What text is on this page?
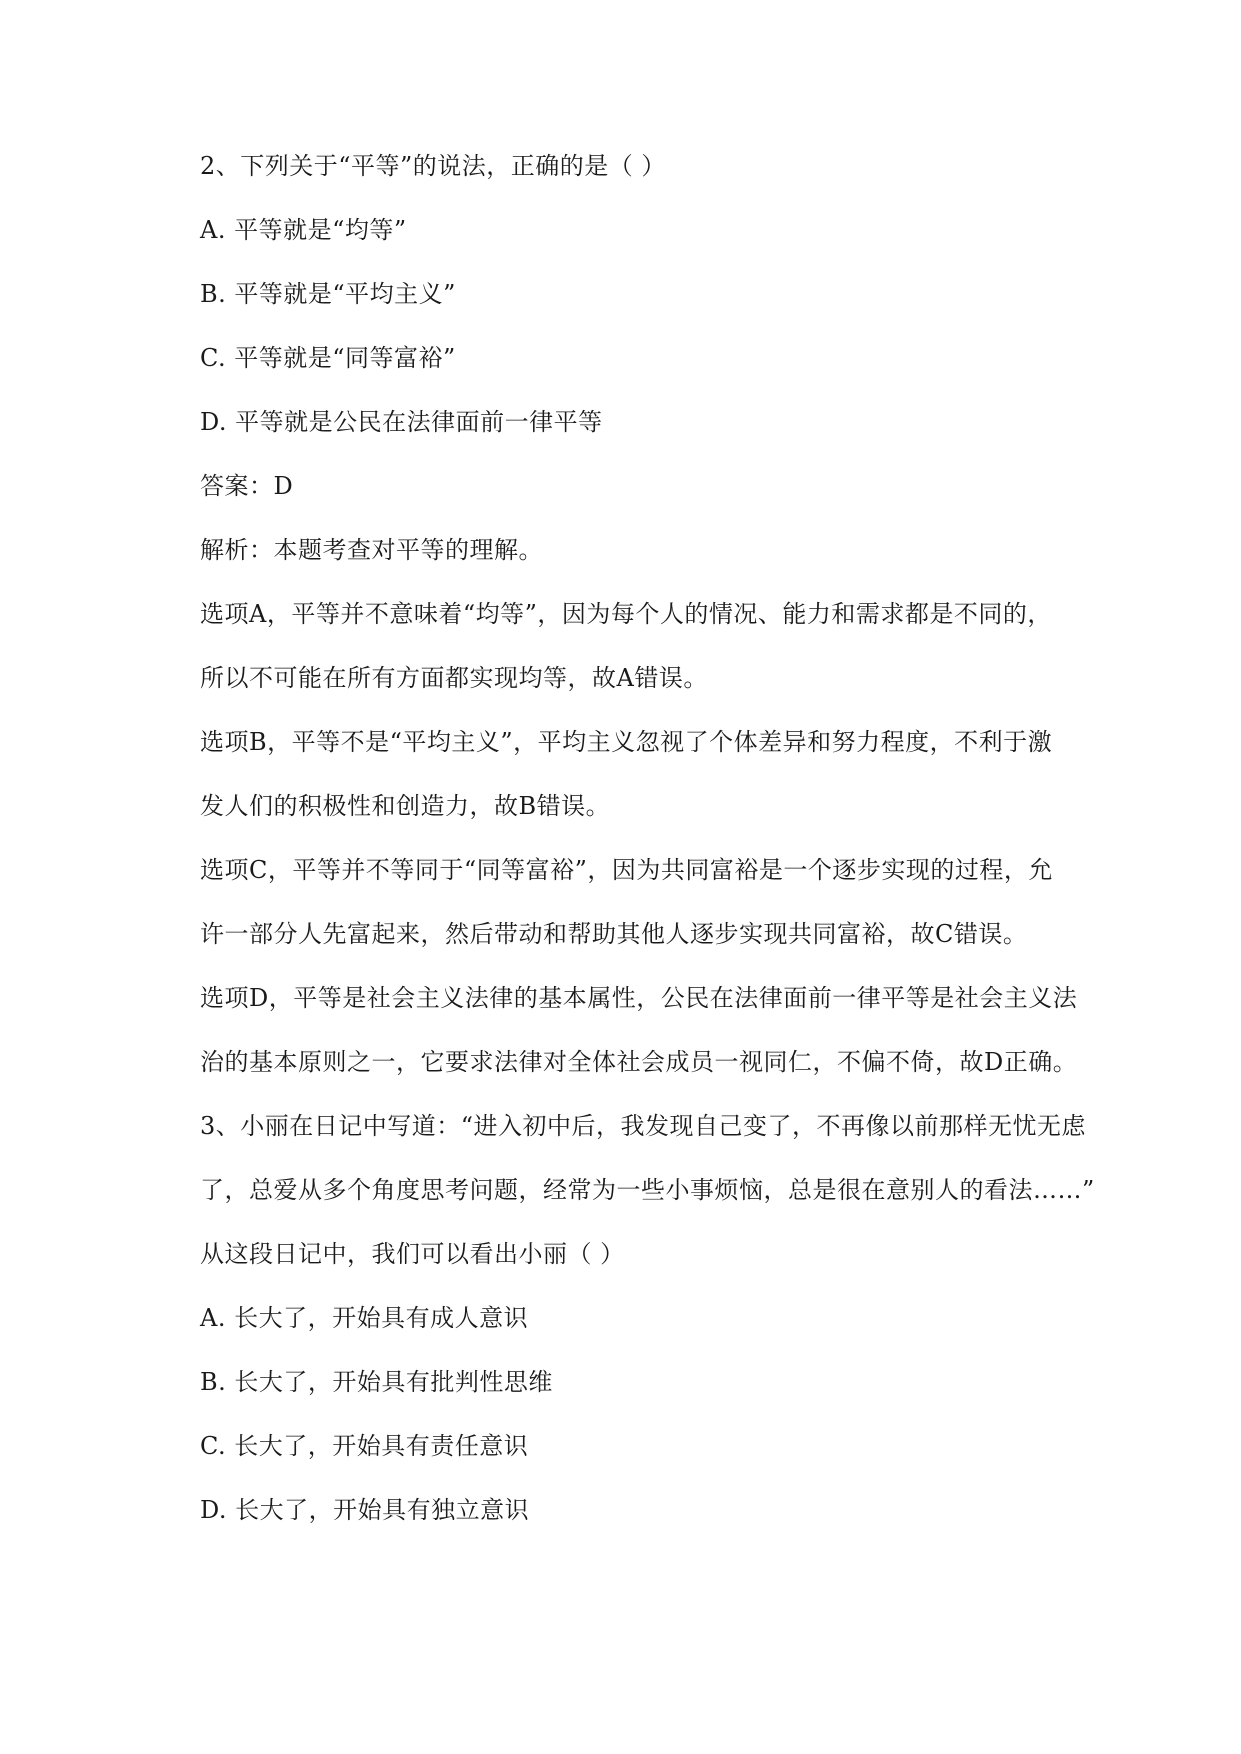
2、下列关于“平等”的说法，正确的是（ ）
A. 平等就是“均等”
B. 平等就是“平均主义”
C. 平等就是“同等富裕”
D. 平等就是公民在法律面前一律平等
答案：D
解析：本题考查对平等的理解。
选项A，平等并不意味着“均等”，因为每个人的情况、能力和需求都是不同的，
所以不可能在所有方面都实现均等，故A错误。
选项B，平等不是“平均主义”，平均主义忽视了个体差异和努力程度，不利于激
发人们的积极性和创造力，故B错误。
选项C，平等并不等同于“同等富裕”，因为共同富裕是一个逐步实现的过程，允
许一部分人先富起来，然后带动和帮助其他人逐步实现共同富裕，故C错误。
选项D，平等是社会主义法律的基本属性，公民在法律面前一律平等是社会主义法
治的基本原则之一，它要求法律对全体社会成员一视同仁，不偏不倚，故D正确。
3、小丽在日记中写道：“进入初中后，我发现自己变了，不再像以前那样无忧无虑
了，总爱从多个角度思考问题，经常为一些小事烦恼，总是很在意别人的看法……”
从这段日记中，我们可以看出小丽（ ）
A. 长大了，开始具有成人意识
B. 长大了，开始具有批判性思维
C. 长大了，开始具有责任意识
D. 长大了，开始具有独立意识
